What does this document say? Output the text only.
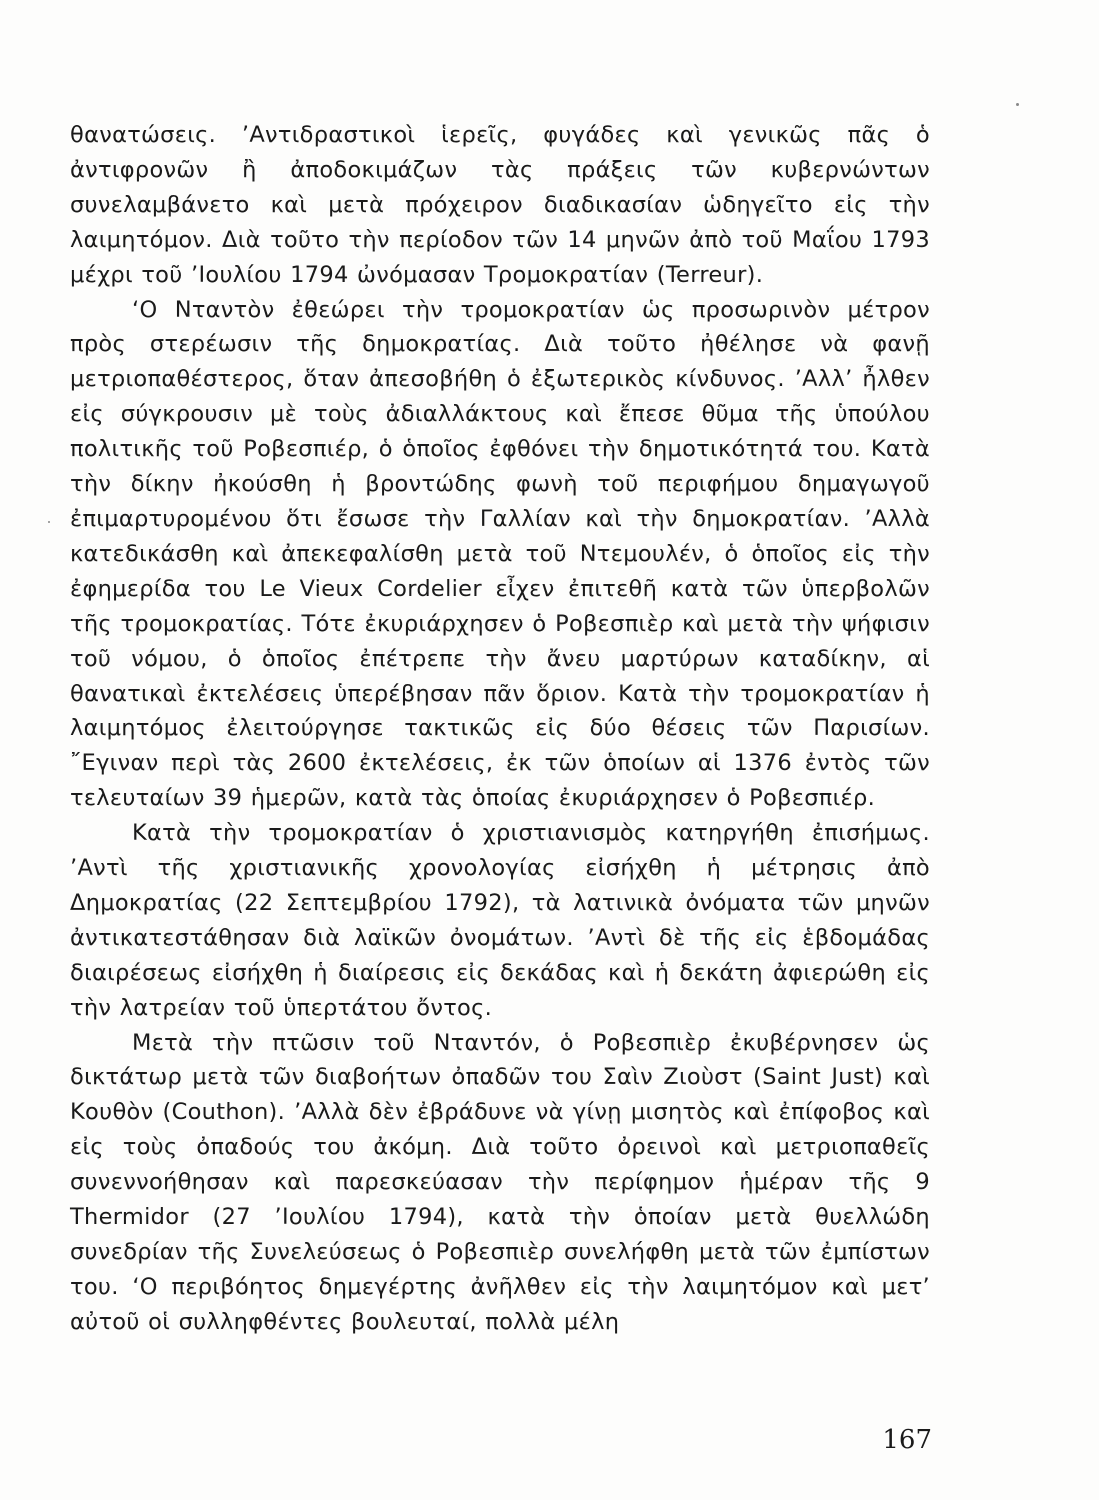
θανατώσεις. ’Αντιδραστικοὶ ἱερεῖς, φυγάδες καὶ γενικῶς πᾶς ὁ ἀντιφρονῶν ἢ ἀποδοκιμάζων τὰς πράξεις τῶν κυβερνώντων συνελαμβάνετο καὶ μετὰ πρόχειρον διαδικασίαν ὡδηγεῖτο εἰς τὴν λαιμητόμον. Διὰ τοῦτο τὴν περίοδον τῶν 14 μηνῶν ἀπὸ τοῦ Μαΐου 1793 μέχρι τοῦ ’Ιουλίου 1794 ὠνόμασαν Τρομοκρατίαν (Terreur).

‘Ο Νταντὸν ἐθεώρει τὴν τρομοκρατίαν ὡς προσωρινὸν μέτρον πρὸς στερέωσιν τῆς δημοκρατίας. Διὰ τοῦτο ἠθέλησε νὰ φανῇ μετριοπαθέστερος, ὅταν ἀπεσοβήθη ὁ ἐξωτερικὸς κίνδυνος. ’Αλλ’ ἦλθεν εἰς σύγκρουσιν μὲ τοὺς ἀδιαλλάκτους καὶ ἔπεσε θῦμα τῆς ὑπούλου πολιτικῆς τοῦ Ροβεσπιέρ, ὁ ὁποῖος ἐφθόνει τὴν δημοτικότητά του. Κατὰ τὴν δίκην ἠκούσθη ἡ βροντώδης φωνὴ τοῦ περιφήμου δημαγωγοῦ ἐπιμαρτυρομένου ὅτι ἔσωσε τὴν Γαλλίαν καὶ τὴν δημοκρατίαν. ’Αλλὰ κατεδικάσθη καὶ ἀπεκεφαλίσθη μετὰ τοῦ Ντεμουλέν, ὁ ὁποῖος εἰς τὴν ἐφημερίδα του Le Vieux Cordelier εἶχεν ἐπιτεθῆ κατὰ τῶν ὑπερβολῶν τῆς τρομοκρατίας. Τότε ἐκυριάρχησεν ὁ Ροβεσπιὲρ καὶ μετὰ τὴν ψήφισιν τοῦ νόμου, ὁ ὁποῖος ἐπέτρεπε τὴν ἄνευ μαρτύρων καταδίκην, αἱ θανατικαὶ ἐκτελέσεις ὑπερέβησαν πᾶν ὅριον. Κατὰ τὴν τρομοκρατίαν ἡ λαιμητόμος ἐλειτούργησε τακτικῶς εἰς δύο θέσεις τῶν Παρισίων. ῎Εγιναν περὶ τὰς 2600 ἐκτελέσεις, ἐκ τῶν ὁποίων αἱ 1376 ἐντὸς τῶν τελευταίων 39 ἡμερῶν, κατὰ τὰς ὁποίας ἐκυριάρχησεν ὁ Ροβεσπιέρ.

Κατὰ τὴν τρομοκρατίαν ὁ χριστιανισμὸς κατηργήθη ἐπισήμως. ’Αντὶ τῆς χριστιανικῆς χρονολογίας εἰσήχθη ἡ μέτρησις ἀπὸ Δημοκρατίας (22 Σεπτεμβρίου 1792), τὰ λατινικὰ ὀνόματα τῶν μηνῶν ἀντικατεστάθησαν διὰ λαϊκῶν ὀνομάτων. ’Αντὶ δὲ τῆς εἰς ἑβδομάδας διαιρέσεως εἰσήχθη ἡ διαίρεσις εἰς δεκάδας καὶ ἡ δεκάτη ἀφιερώθη εἰς τὴν λατρείαν τοῦ ὑπερτάτου ὄντος.

Μετὰ τὴν πτῶσιν τοῦ Νταντόν, ὁ Ροβεσπιὲρ ἐκυβέρνησεν ὡς δικτάτωρ μετὰ τῶν διαβοήτων ὀπαδῶν του Σαὶν Ζιοὺστ (Saint Just) καὶ Κουθὸν (Couthon). ’Αλλὰ δὲν ἐβράδυνε νὰ γίνῃ μισητὸς καὶ ἐπίφοβος καὶ εἰς τοὺς ὀπαδούς του ἀκόμη. Διὰ τοῦτο ὀρεινοὶ καὶ μετριοπαθεῖς συνεννοήθησαν καὶ παρεσκεύασαν τὴν περίφημον ἡμέραν τῆς 9 Thermidor (27 ’Ιουλίου 1794), κατὰ τὴν ὁποίαν μετὰ θυελλώδη συνεδρίαν τῆς Συνελεύσεως ὁ Ροβεσπιὲρ συνελήφθη μετὰ τῶν ἐμπίστων του. ‘Ο περιβόητος δημεγέρτης ἀνῆλθεν εἰς τὴν λαιμητόμον καὶ μετ’ αὐτοῦ οἱ συλληφθέντες βουλευταί, πολλὰ μέλη

167
